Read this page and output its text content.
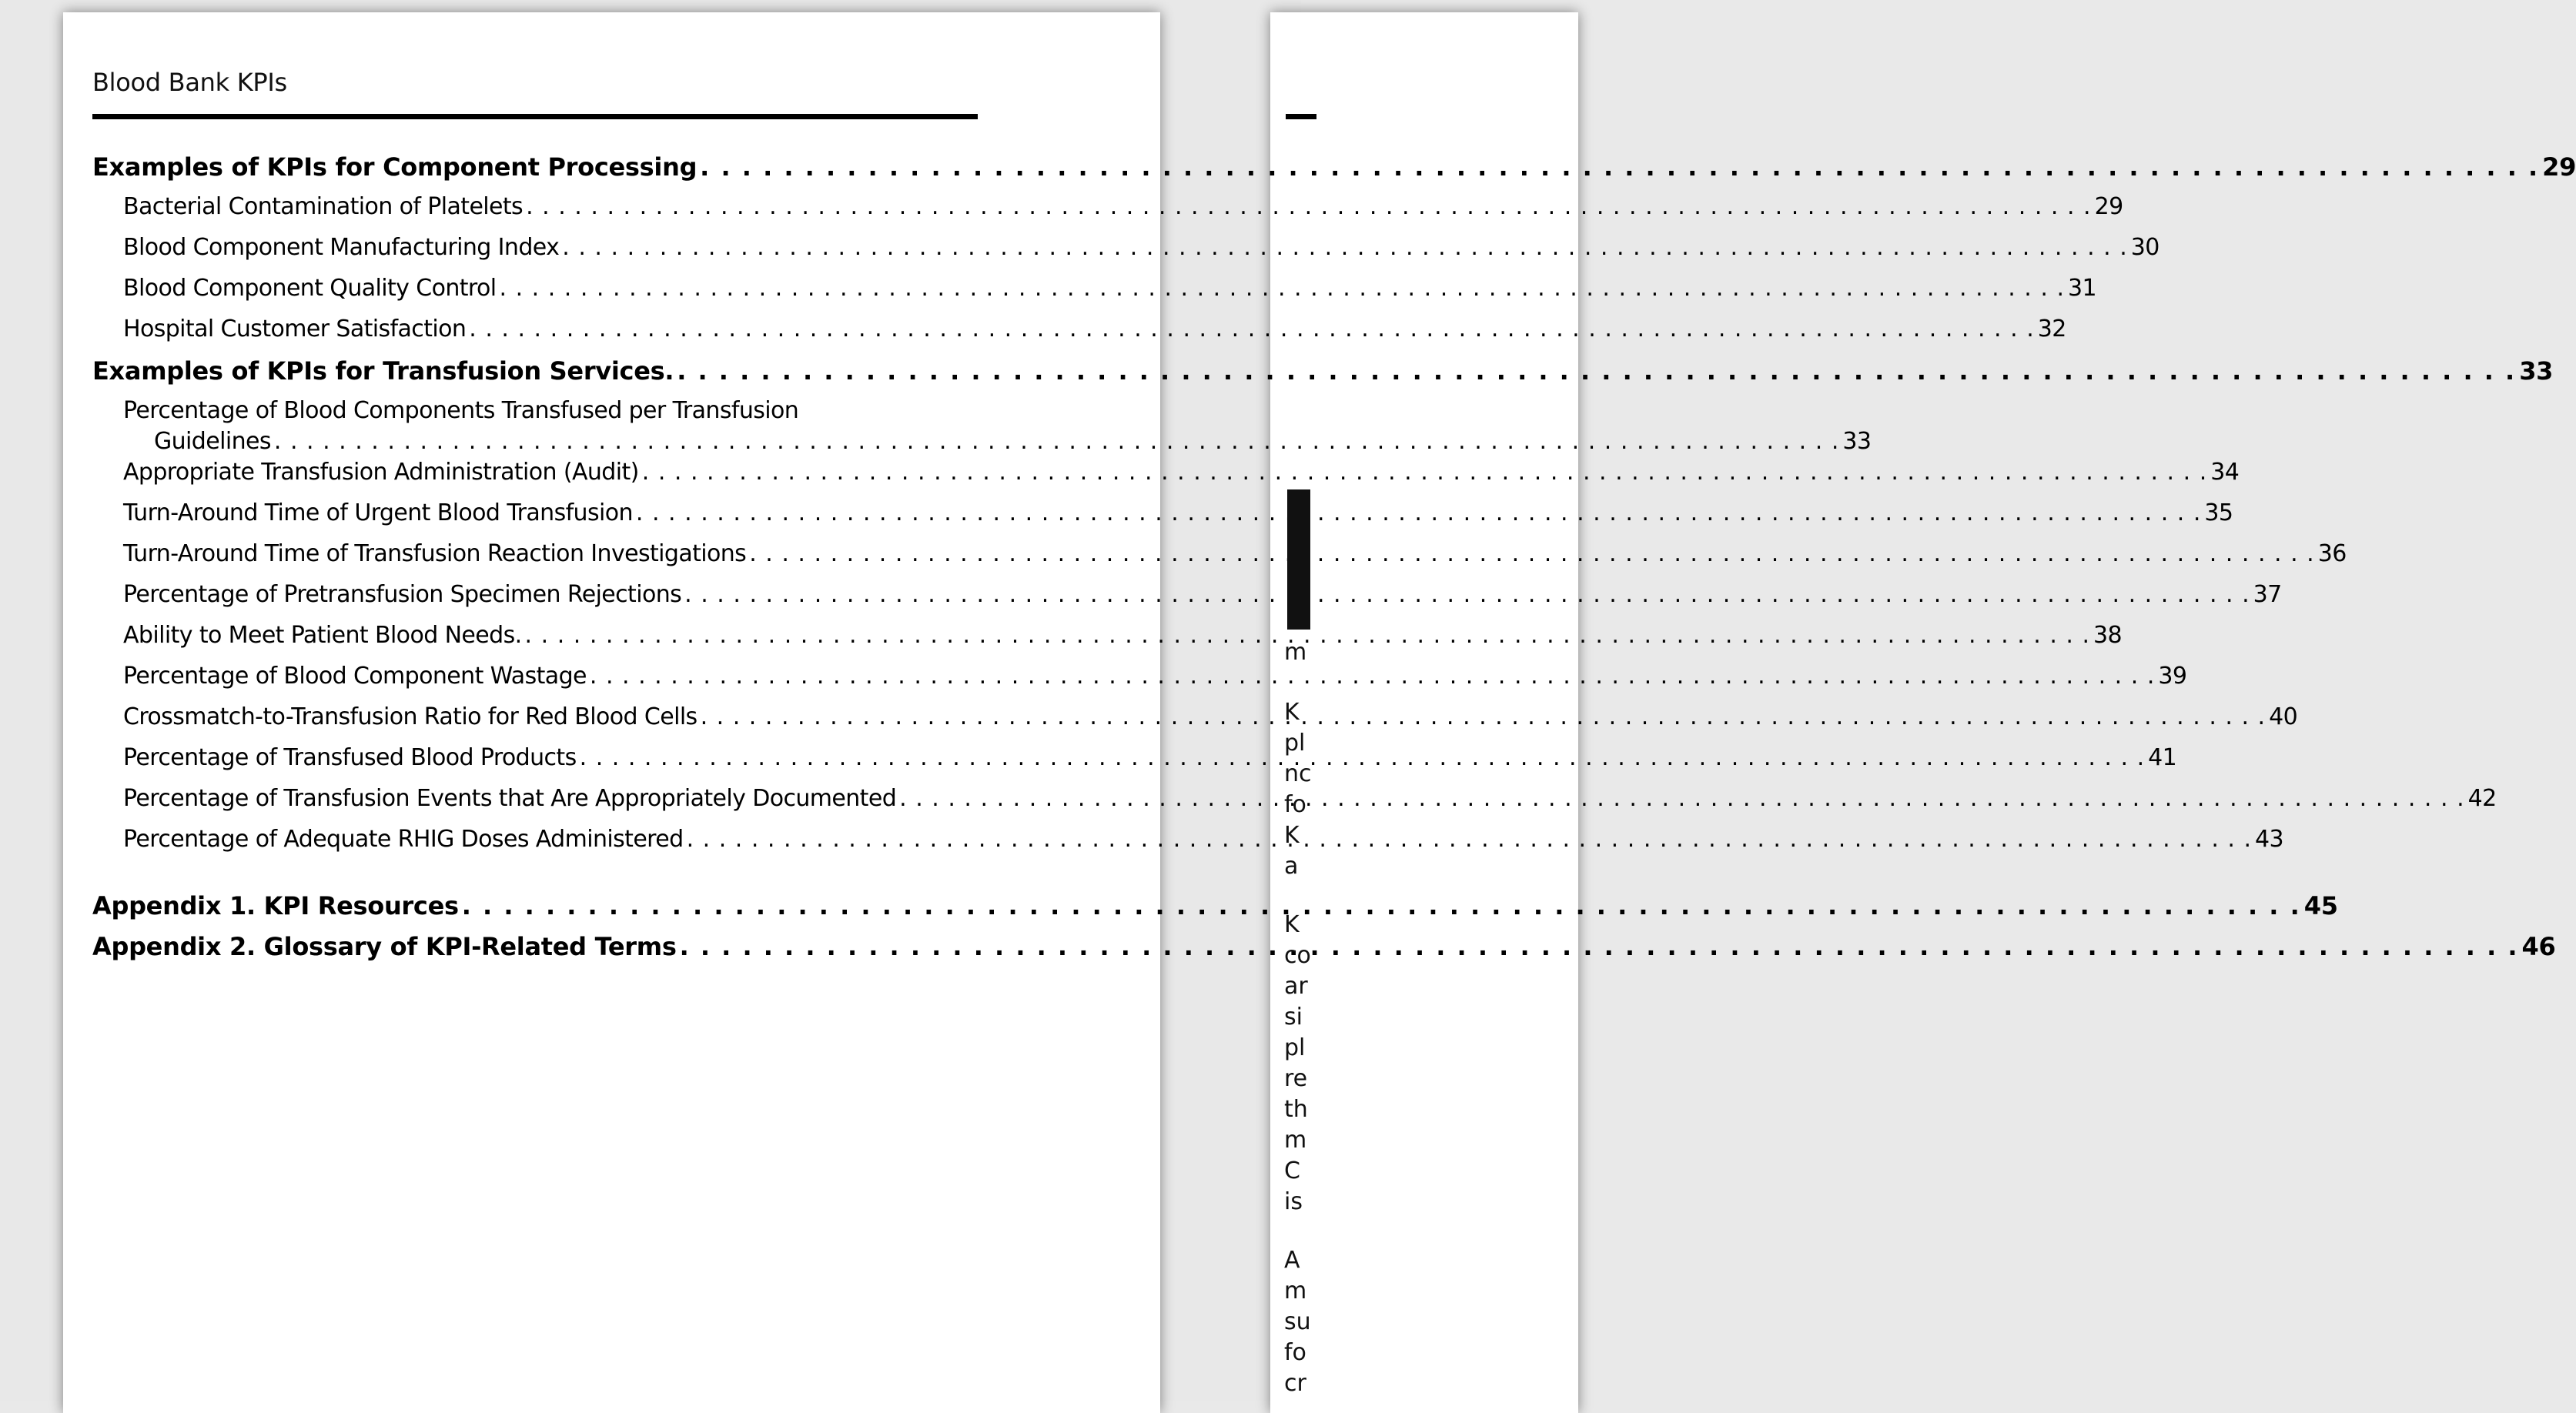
Blood Bank KPIs
Examples of KPIs for Component Processing . . .	29
Bacterial Contamination of Platelets . . .	29
Blood Component Manufacturing Index . . .	30
Blood Component Quality Control . . .	31
Hospital Customer Satisfaction . . .	32
Examples of KPIs for Transfusion Services. . . .	33
Percentage of Blood Components Transfused per Transfusion
Guidelines . . .	33
Appropriate Transfusion Administration (Audit) . . .	34
Turn-Around Time of Urgent Blood Transfusion . . .	35
Turn-Around Time of Transfusion Reaction Investigations . . .	36
Percentage of Pretransfusion Specimen Rejections . . .	37
Ability to Meet Patient Blood Needs. . . .	38
Percentage of Blood Component Wastage . . .	39
Crossmatch-to-Transfusion Ratio for Red Blood Cells . . .	40
Percentage of Transfused Blood Products . . .	41
Percentage of Transfusion Events that Are Appropriately Documented . . .	42
Percentage of Adequate RHIG Doses Administered . . .	43
Appendix 1. KPI Resources . . .	45
Appendix 2. Glossary of KPI-Related Terms . . .	46
m
K
pl
nc
fo
K
a
K
co
ar
si
pl
re
th
m
C
is
A
m
su
fo
cr
